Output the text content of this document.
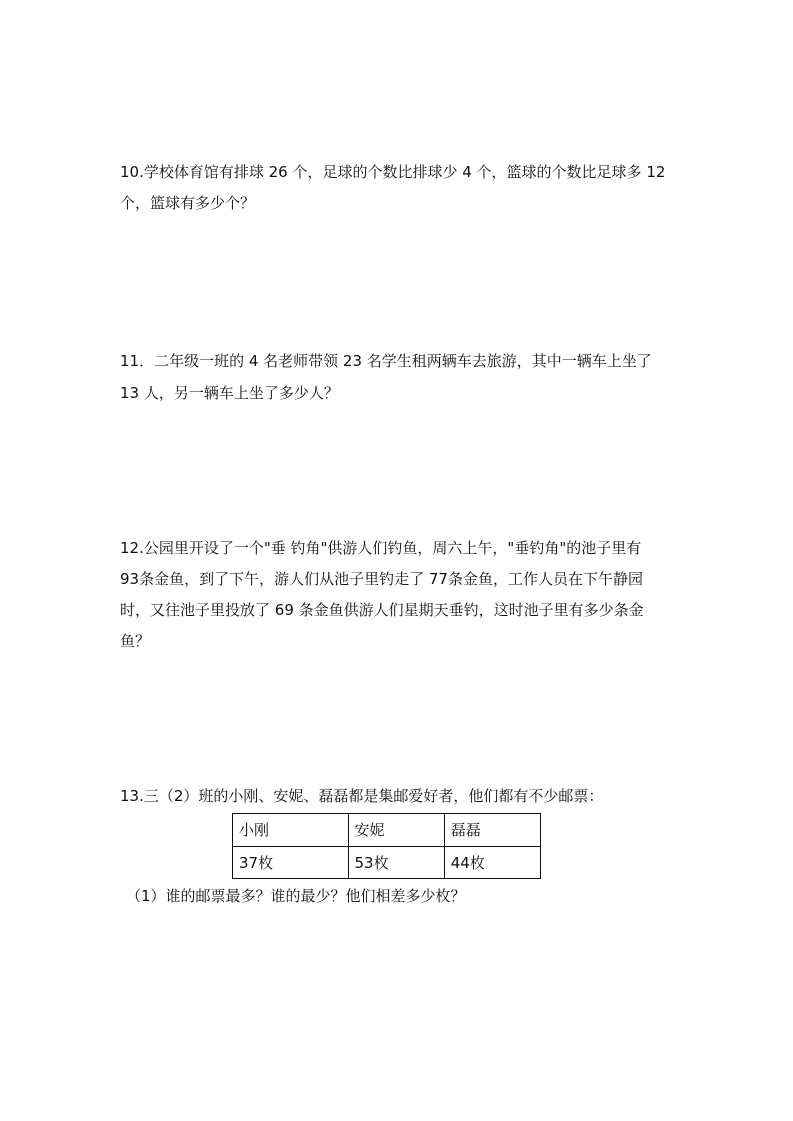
10.学校体育馆有排球 26 个，足球的个数比排球少 4 个，篮球的个数比足球多 12
个，篮球有多少个？
11．二年级一班的 4 名老师带领 23 名学生租两辆车去旅游，其中一辆车上坐了
13 人，另一辆车上坐了多少人？
12.公园里开设了一个"垂 钓角"供游人们钓鱼，周六上午，"垂钓角"的池子里有
93条金鱼，到了下午，游人们从池子里钓走了 77条金鱼，工作人员在下午静园
时，又往池子里投放了 69 条金鱼供游人们星期天垂钓，这时池子里有多少条金
鱼？
13.三（2）班的小刚、安妮、磊磊都是集邮爱好者，他们都有不少邮票：
小刚	安妮	磊磊
37枚	53枚	44枚
（1）谁的邮票最多？谁的最少？他们相差多少枚？
